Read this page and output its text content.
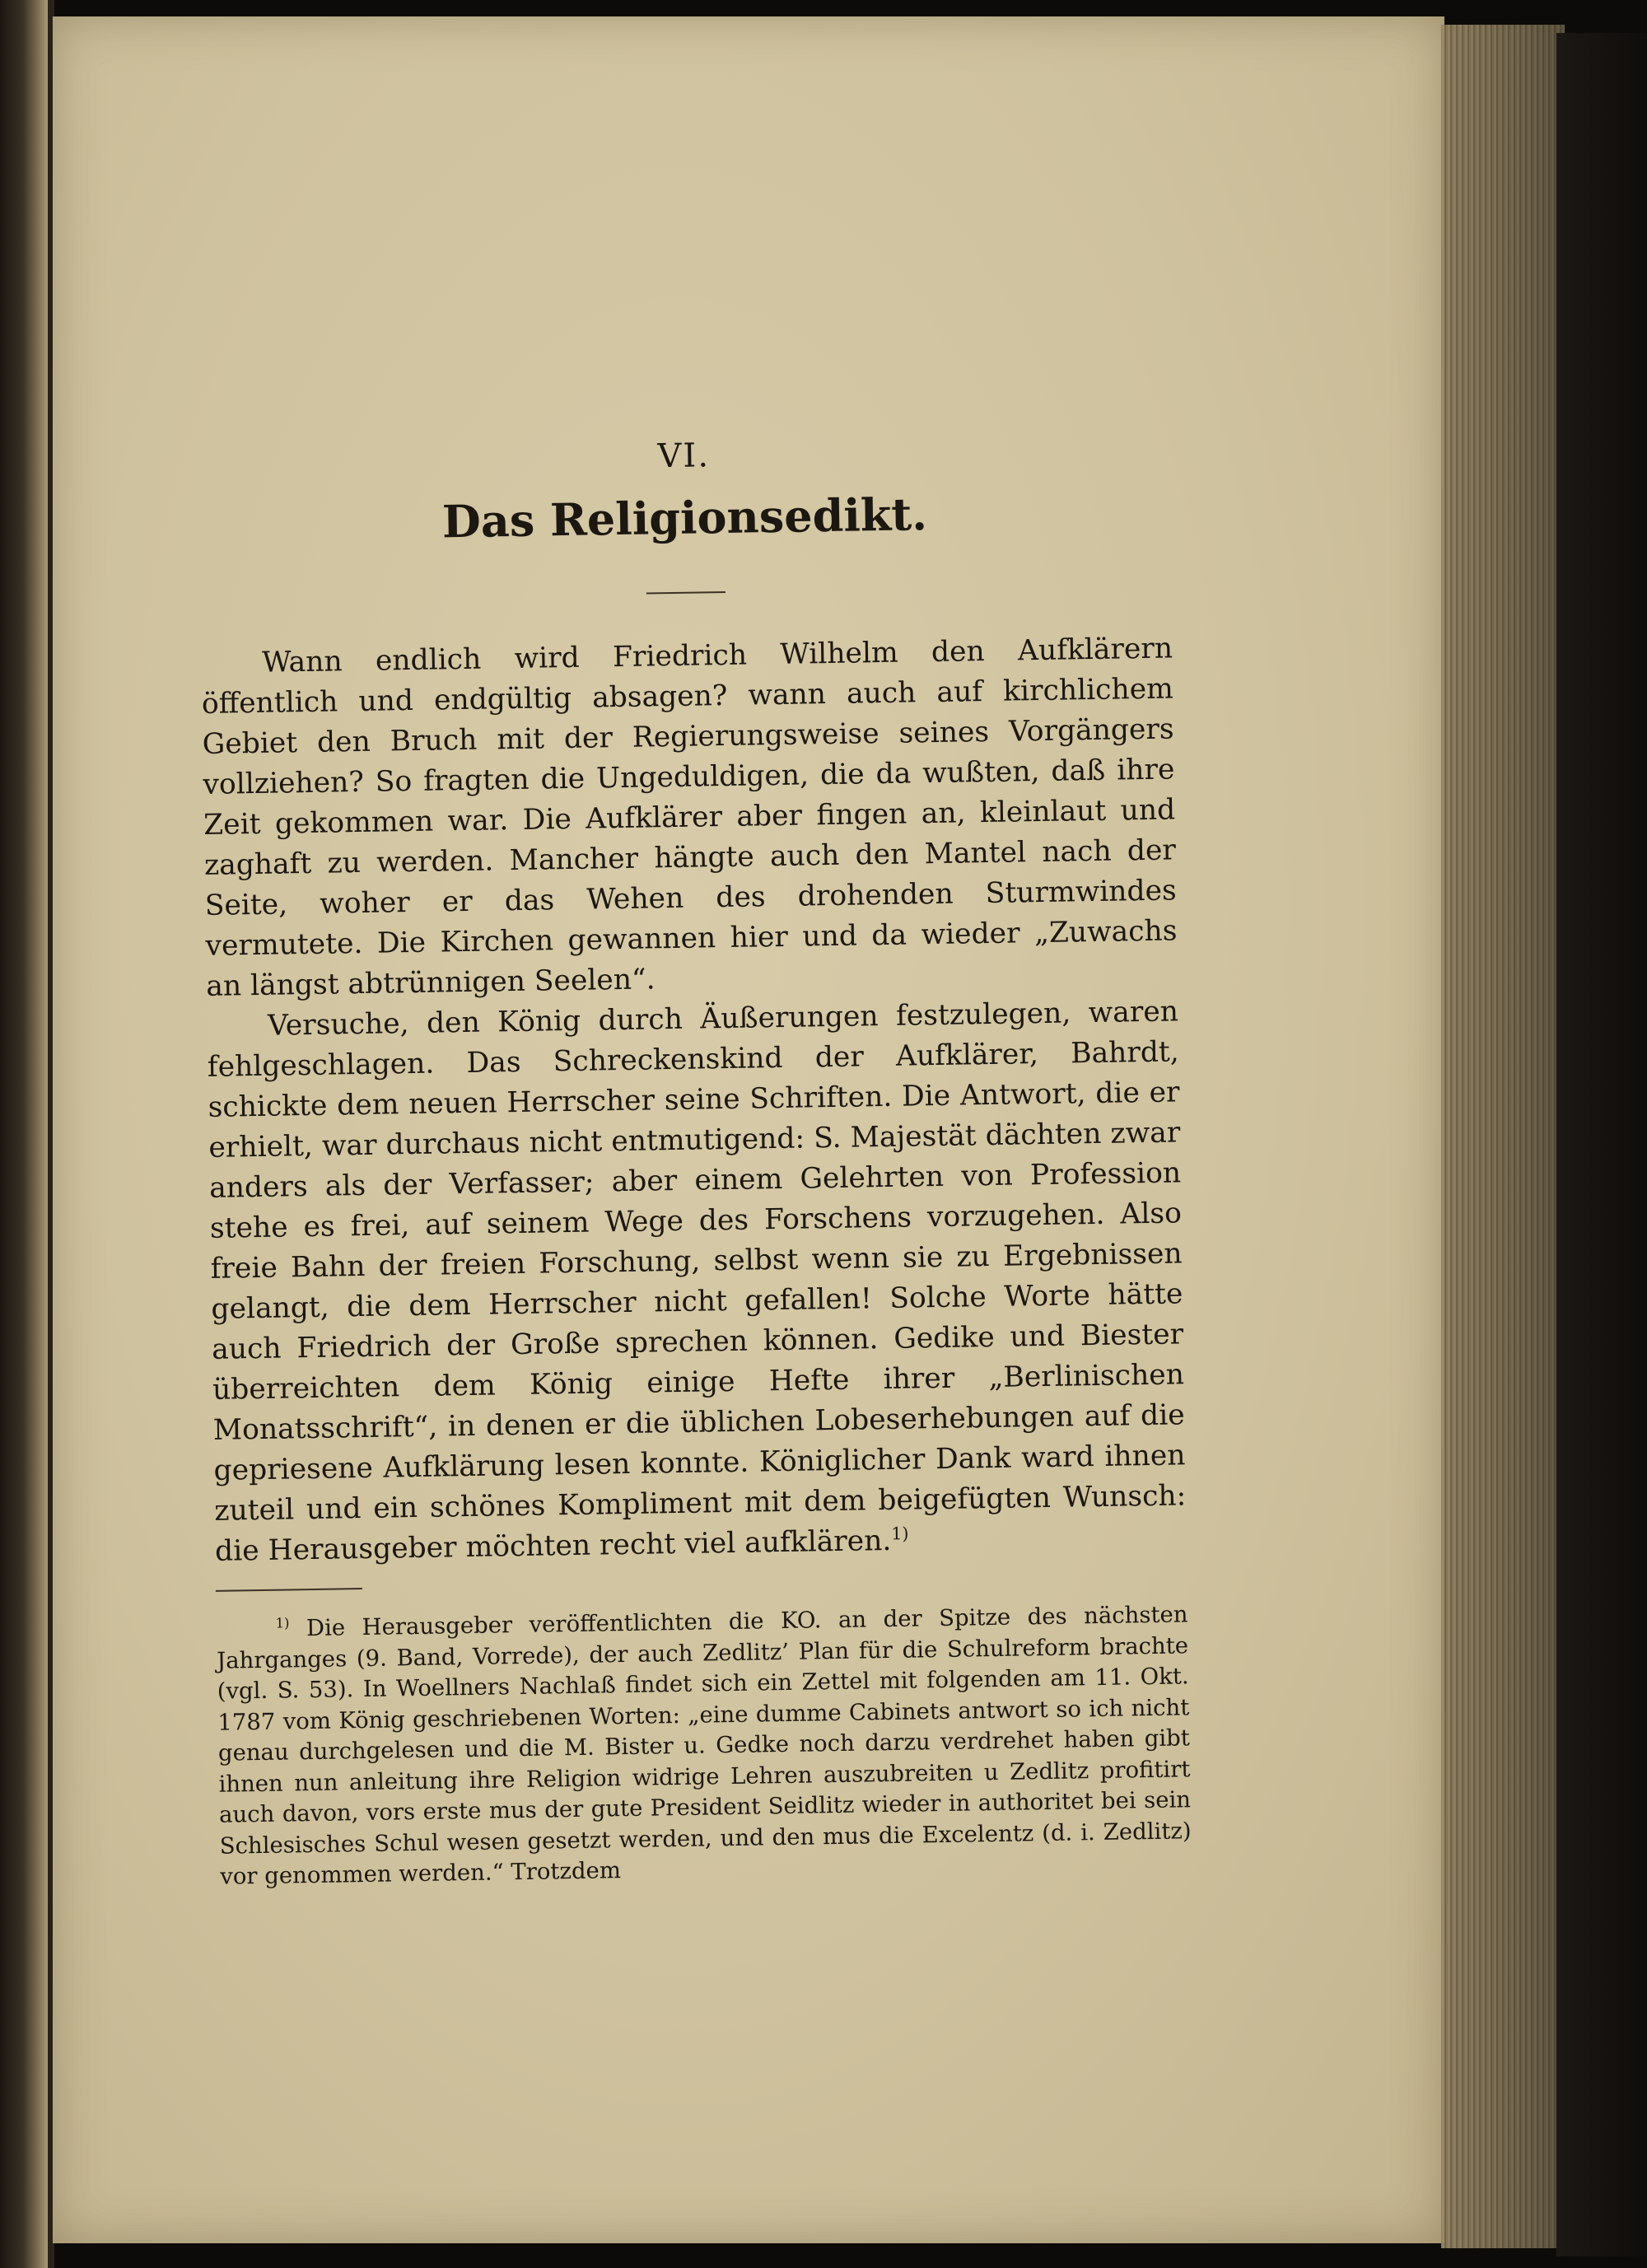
VI.
Das Religionsedikt.

Wann endlich wird Friedrich Wilhelm den Aufklärern öffentlich und endgültig absagen? wann auch auf kirchlichem Gebiet den Bruch mit der Regierungsweise seines Vorgängers vollziehen? So fragten die Ungeduldigen, die da wußten, daß ihre Zeit gekommen war. Die Aufklärer aber fingen an, kleinlaut und zaghaft zu werden. Mancher hängte auch den Mantel nach der Seite, woher er das Wehen des drohenden Sturmwindes vermutete. Die Kirchen gewannen hier und da wieder „Zuwachs an längst abtrünnigen Seelen“.

Versuche, den König durch Äußerungen festzulegen, waren fehlgeschlagen. Das Schreckenskind der Aufklärer, Bahrdt, schickte dem neuen Herrscher seine Schriften. Die Antwort, die er erhielt, war durchaus nicht entmutigend: S. Majestät dächten zwar anders als der Verfasser; aber einem Gelehrten von Profession stehe es frei, auf seinem Wege des Forschens vorzugehen. Also freie Bahn der freien Forschung, selbst wenn sie zu Ergebnissen gelangt, die dem Herrscher nicht gefallen! Solche Worte hätte auch Friedrich der Große sprechen können. Gedike und Biester überreichten dem König einige Hefte ihrer „Berlinischen Monatsschrift“, in denen er die üblichen Lobeserhebungen auf die gepriesene Aufklärung lesen konnte. Königlicher Dank ward ihnen zuteil und ein schönes Kompliment mit dem beigefügten Wunsch: die Herausgeber möchten recht viel aufklären.$^{1)}$

$^{1)}$ Die Herausgeber veröffentlichten die KO. an der Spitze des nächsten Jahrganges (9. Band, Vorrede), der auch Zedlitz’ Plan für die Schulreform brachte (vgl. S. 53). In Woellners Nachlaß findet sich ein Zettel mit folgenden am 11. Okt. 1787 vom König geschriebenen Worten: „eine dumme Cabinets antwort so ich nicht genau durchgelesen und die M. Bister u. Gedke noch darzu verdrehet haben gibt ihnen nun anleitung ihre Religion widrige Lehren auszubreiten u Zedlitz profitirt auch davon, vors erste mus der gute President Seidlitz wieder in authoritet bei sein Schlesisches Schul wesen gesetzt werden, und den mus die Excelentz (d. i. Zedlitz) vor genommen werden.“ Trotzdem
